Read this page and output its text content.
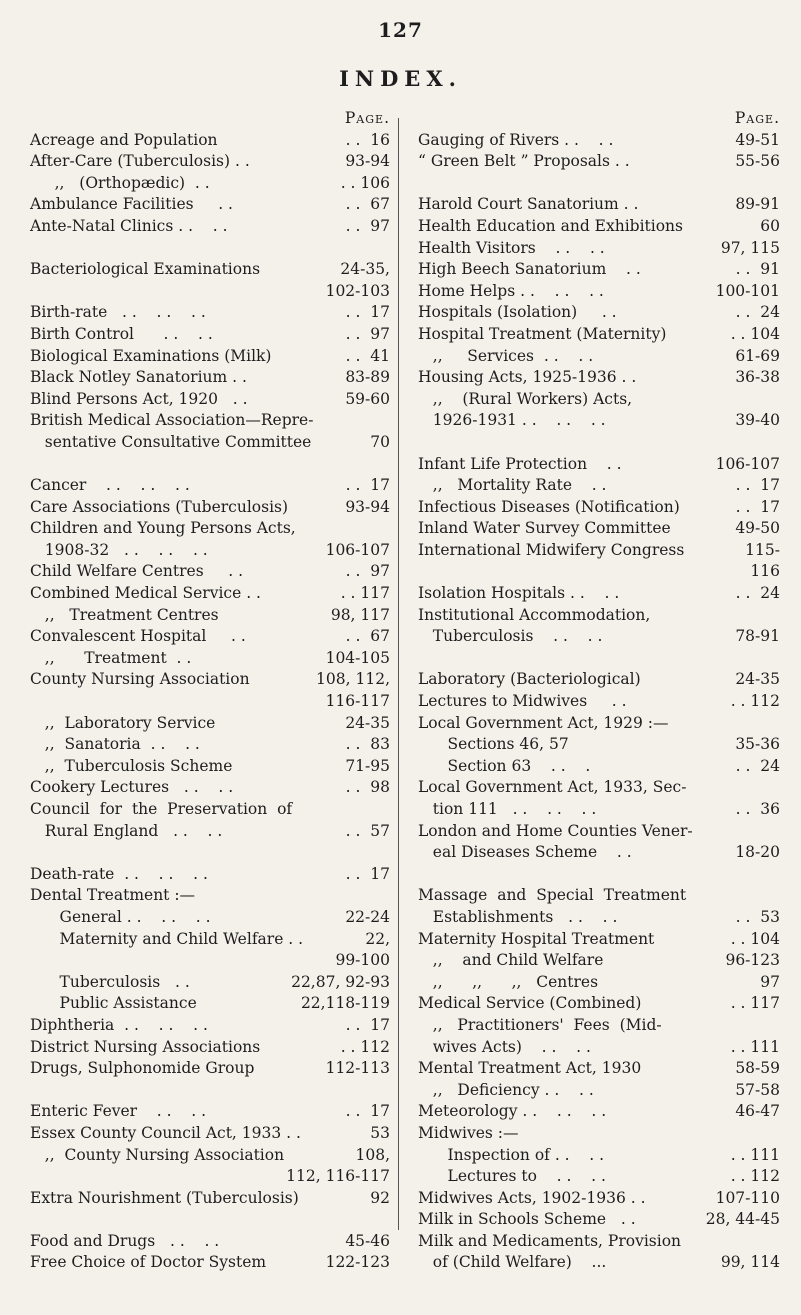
127
INDEX.
Page.
Acreage and Population	. .  16
After-Care (Tuberculosis) . .	93-94
,,   (Orthopædic)  . .	. . 106
Ambulance Facilities     . .	. .  67
Ante-Natal Clinics . .    . .	. .  97
Bacteriological Examinations	24-35,
102-103
Birth-rate   . .    . .    . .	. .  17
Birth Control      . .    . .	. .  97
Biological Examinations (Milk)	. .  41
Black Notley Sanatorium . .	83-89
Blind Persons Act, 1920   . .	59-60
British Medical Association—Repre-
sentative Consultative Committee	70
Cancer    . .    . .    . .	. .  17
Care Associations (Tuberculosis)	93-94
Children and Young Persons Acts,
1908-32   . .    . .    . .	106-107
Child Welfare Centres     . .	. .  97
Combined Medical Service . .	. . 117
,,   Treatment Centres	98, 117
Convalescent Hospital     . .	. .  67
,,      Treatment  . .	104-105
County Nursing Association	108, 112,
116-117
,,  Laboratory Service	24-35
,,  Sanatoria  . .    . .	. .  83
,,  Tuberculosis Scheme	71-95
Cookery Lectures   . .    . .	. .  98
Council  for  the  Preservation  of
Rural England   . .    . .	. .  57
Death-rate  . .    . .    . .	. .  17
Dental Treatment :—
General . .    . .    . .	22-24
Maternity and Child Welfare . .	22,
99-100
Tuberculosis   . .	22,87, 92-93
Public Assistance	22,118-119
Diphtheria  . .    . .    . .	. .  17
District Nursing Associations	. . 112
Drugs, Sulphonomide Group	112-113
Enteric Fever    . .    . .	. .  17
Essex County Council Act, 1933 . .	53
,,  County Nursing Association	108,
112, 116-117
Extra Nourishment (Tuberculosis)	92
Food and Drugs   . .    . .	45-46
Free Choice of Doctor System	122-123
Page.
Gauging of Rivers . .    . .	49-51
“ Green Belt ” Proposals . .	55-56
Harold Court Sanatorium . .	89-91
Health Education and Exhibitions	60
Health Visitors    . .    . .	97, 115
High Beech Sanatorium    . .	. .  91
Home Helps . .    . .    . .	100-101
Hospitals (Isolation)     . .	. .  24
Hospital Treatment (Maternity)	. . 104
,,     Services  . .    . .	61-69
Housing Acts, 1925-1936 . .	36-38
,,    (Rural Workers) Acts,
1926-1931 . .    . .    . .	39-40
Infant Life Protection    . .	106-107
,,   Mortality Rate    . .	. .  17
Infectious Diseases (Notification)	. .  17
Inland Water Survey Committee	49-50
International Midwifery Congress	115-
116
Isolation Hospitals . .    . .	. .  24
Institutional Accommodation,
Tuberculosis    . .    . .	78-91
Laboratory (Bacteriological)	24-35
Lectures to Midwives     . .	. . 112
Local Government Act, 1929 :—
Sections 46, 57	35-36
Section 63    . .    .	. .  24
Local Government Act, 1933, Sec-
tion 111   . .    . .    . .	. .  36
London and Home Counties Vener-
eal Diseases Scheme    . .	18-20
Massage  and  Special  Treatment
Establishments   . .    . .	. .  53
Maternity Hospital Treatment	. . 104
,,    and Child Welfare	96-123
,,      ,,      ,,   Centres	97
Medical Service (Combined)	. . 117
,,   Practitioners'  Fees  (Mid-
wives Acts)    . .    . .	. . 111
Mental Treatment Act, 1930	58-59
,,   Deficiency . .    . .	57-58
Meteorology . .    . .    . .	46-47
Midwives :—
Inspection of . .    . .	. . 111
Lectures to    . .    . .	. . 112
Midwives Acts, 1902-1936 . .	107-110
Milk in Schools Scheme   . .	28, 44-45
Milk and Medicaments, Provision
of (Child Welfare)    ...	99, 114
